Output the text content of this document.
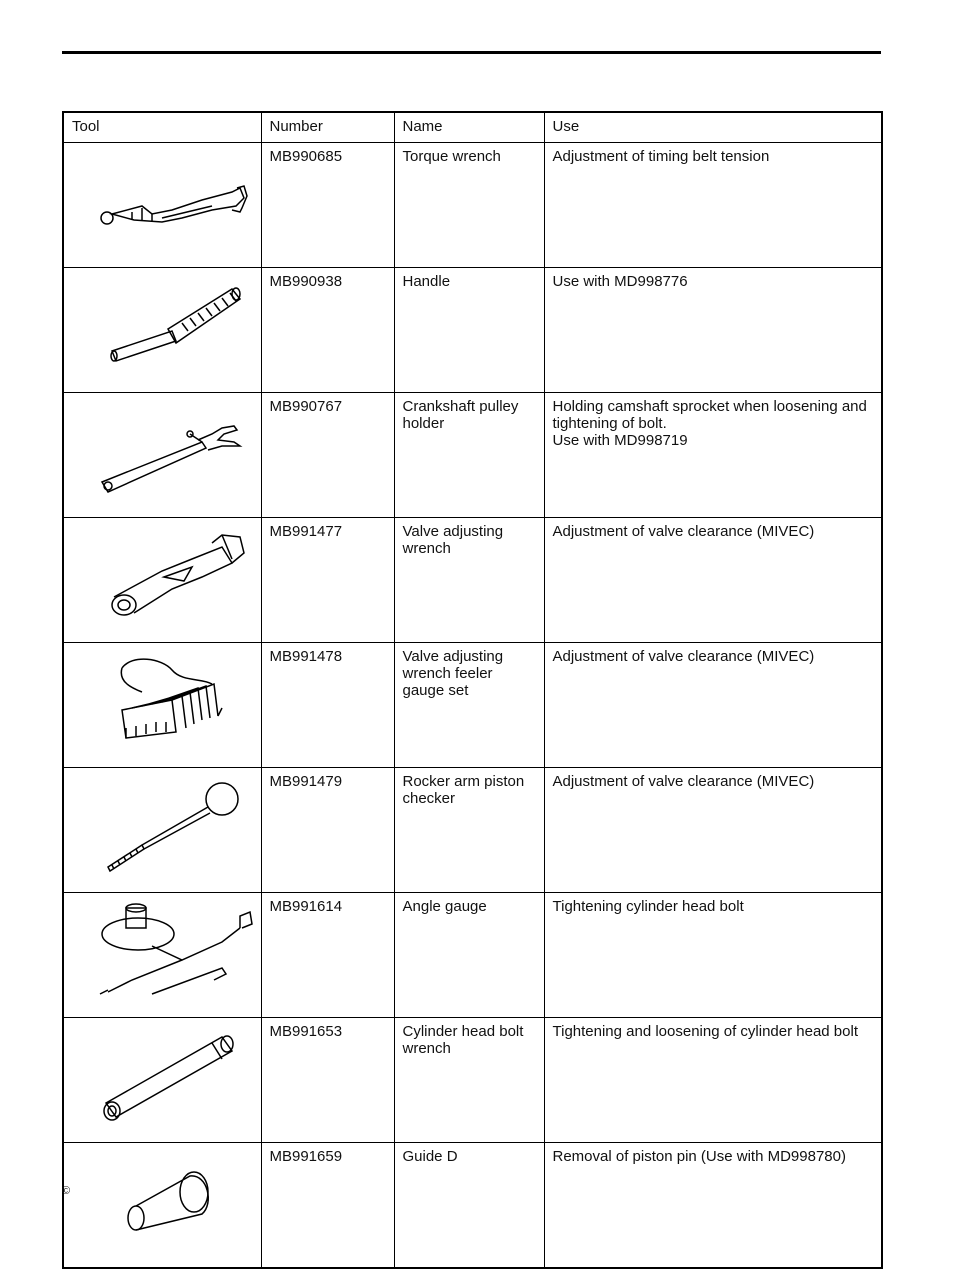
Tool	Number	Name	Use

	MB990685	Torque wrench	Adjustment of timing belt tension

	MB990938	Handle	Use with MD998776

	MB990767	Crankshaft pulley holder	Holding camshaft sprocket when loosening and tightening of bolt.
Use with MD998719

	MB991477	Valve adjusting wrench	Adjustment of valve clearance (MIVEC)

	MB991478	Valve adjusting wrench feeler gauge set	Adjustment of valve clearance (MIVEC)

	MB991479	Rocker arm piston checker	Adjustment of valve clearance (MIVEC)

	MB991614	Angle gauge	Tightening cylinder head bolt

	MB991653	Cylinder head bolt wrench	Tightening and loosening of cylinder head bolt

	MB991659	Guide D	Removal of piston pin (Use with MD998780)
©
